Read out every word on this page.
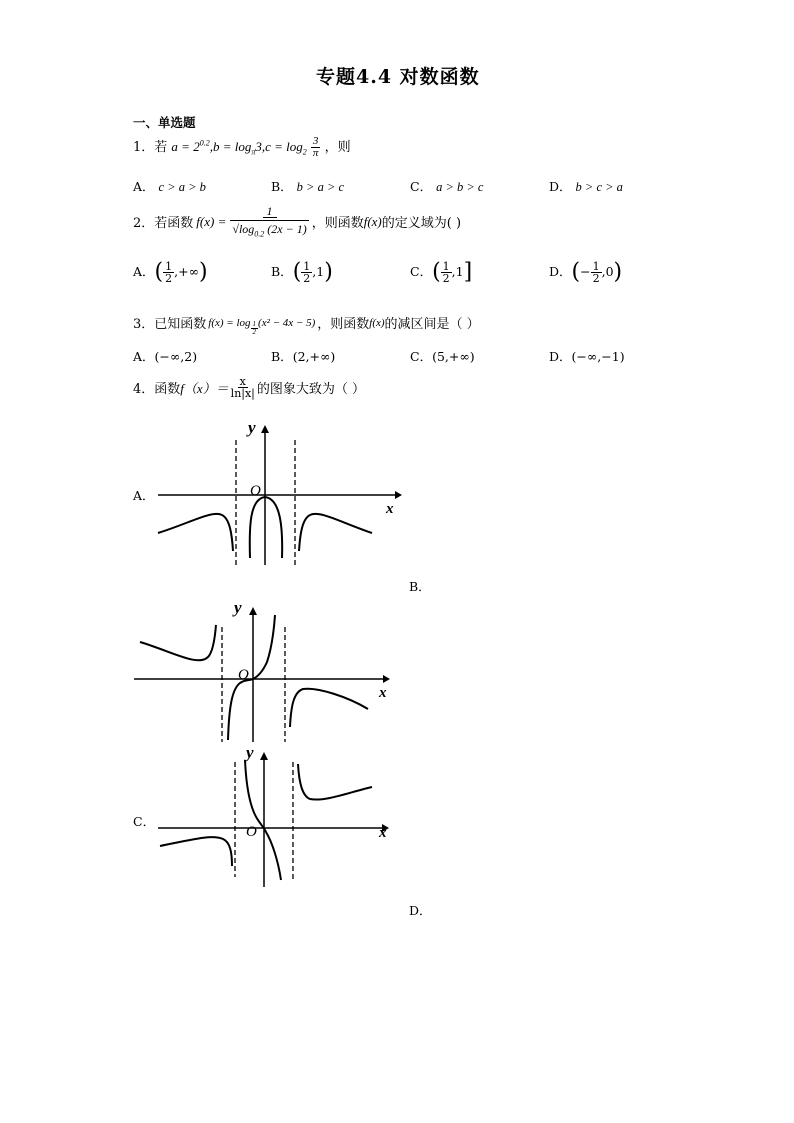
专题4.4 对数函数
一、单选题
1．若 $a = 2^{0.2},b = \log_\pi 3,c = \log_2 \frac{3}{\pi}$ ，则
A． c > a > b	B． b > a > c	C． a > b > c	D． b > c > a
2．若函数 $f(x) = \frac{1}{√\log_{0.2} (2x - 1)}$ ，则函数 f(x) 的定义域为( )
A．( $\frac{1}{2}$ ,+∞)	B．( $\frac{1}{2} ,1$)	C．( $\frac{1}{2} ,1$]	D．(− $\frac{1}{2} ,0$)
3．已知函数 $f(x) = \log \frac{1}{2} (x^2 - 4x - 5)$ ，则函数 f(x) 的减区间是（ ）
A．(−∞,2)	B．(2,+∞)	C．(5,+∞)	D．(−∞,−1)
4．函数 $f(x)= \frac{x}{\ln|x|}$ 的图象大致为（ ）
A．
y
x
O
B．
y
x
O
C．
y
x
O
D．
